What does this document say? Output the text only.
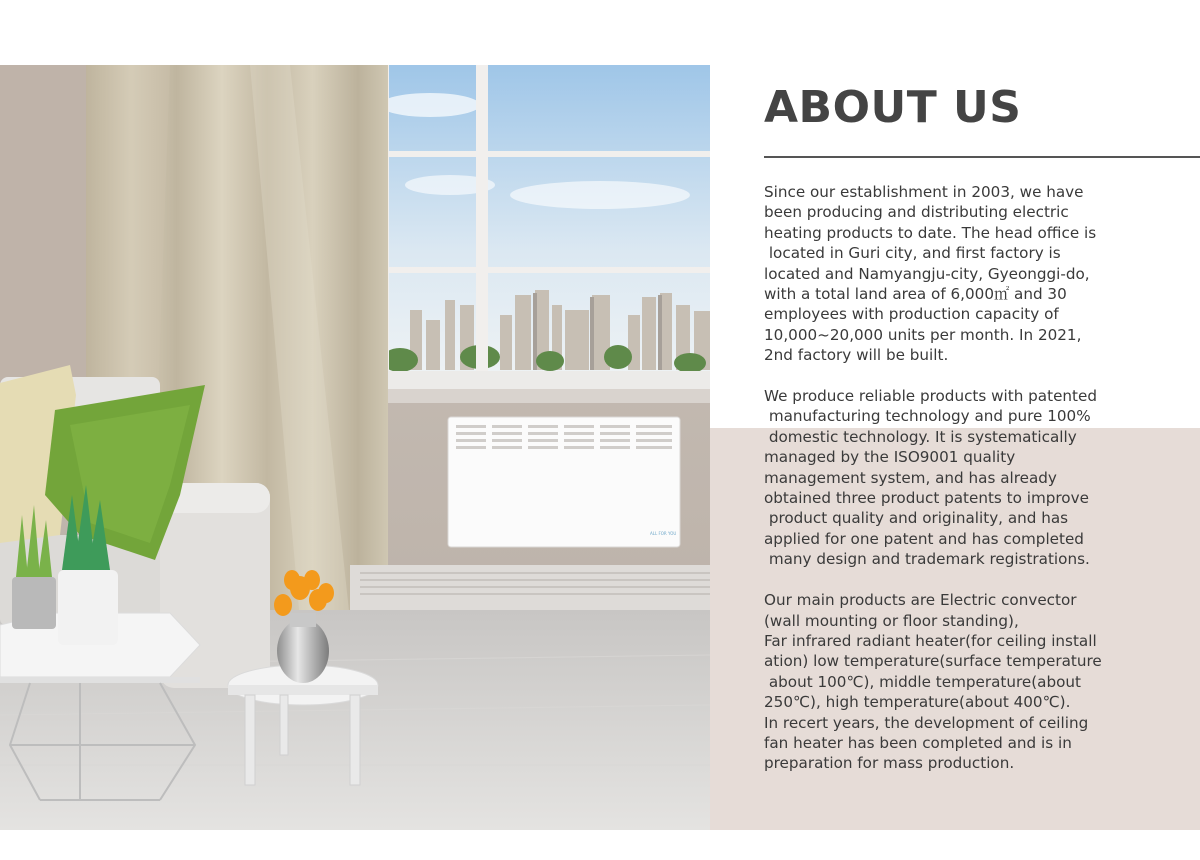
ALL FOR YOU
ABOUT US

Since our establishment in 2003, we have
been producing and distributing electric
heating products to date. The head office is
located in Guri city, and first factory is
located and Namyangju-city, Gyeonggi-do,
with a total land area of 6,000㎡ and 30
employees with production capacity of
10,000~20,000 units per month. In 2021,
2nd factory will be built.

We produce reliable products with patented
manufacturing technology and pure 100%
domestic technology. It is systematically
managed by the ISO9001 quality
management system, and has already
obtained three product patents to improve
product quality and originality, and has
applied for one patent and has completed
many design and trademark registrations.

Our main products are Electric convector
(wall mounting or floor standing),
Far infrared radiant heater(for ceiling install
ation) low temperature(surface temperature
about 100℃), middle temperature(about
250℃), high temperature(about 400℃).
In recert years, the development of ceiling
fan heater has been completed and is in
preparation for mass production.
